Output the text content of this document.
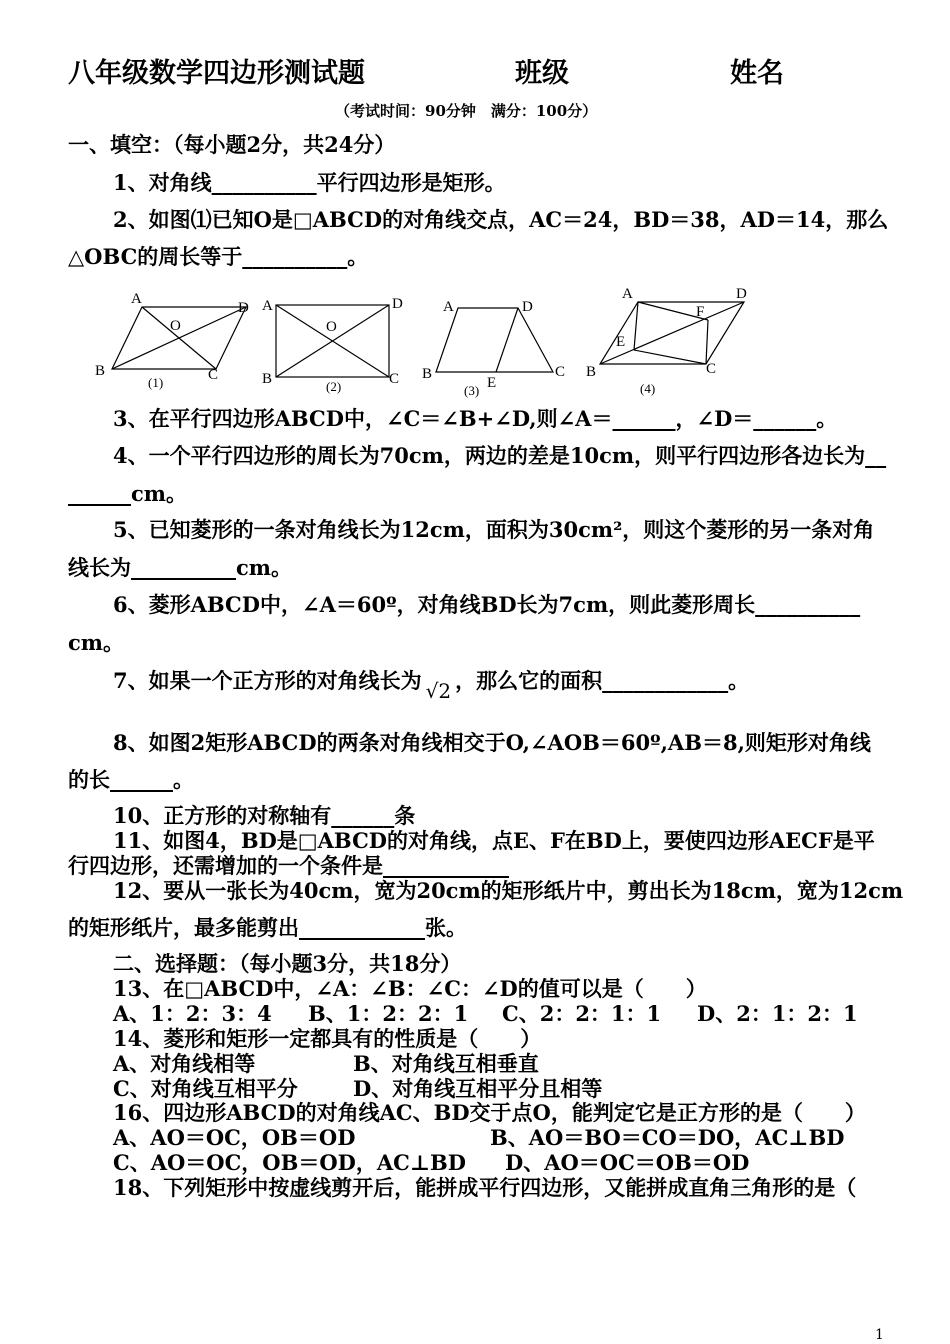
八年级数学四边形测试题	班级	姓名
（考试时间：90分钟　满分：100分）
一、填空：（每小题2分，共24分）
1、对角线__________平行四边形是矩形。
2、如图⑴已知O是□ABCD的对角线交点，AC＝24，BD＝38，AD＝14，那么
△OBC的周长等于__________。
A
D
B	C
O
(1)
A	D
B	C
O
(2)
A	D
B	C
E
(3)
A	D
B	C
E
F
(4)
3、在平行四边形ABCD中，∠C＝∠B+∠D,则∠A＝______，∠D＝______。
4、一个平行四边形的周长为70cm，两边的差是10cm，则平行四边形各边长为__
______cm。
5、已知菱形的一条对角线长为12cm，面积为30cm²，则这个菱形的另一条对角
线长为__________cm。
6、菱形ABCD中，∠A＝60º，对角线BD长为7cm，则此菱形周长__________
cm。
7、如果一个正方形的对角线长为 √2 ，那么它的面积____________。
8、如图2矩形ABCD的两条对角线相交于O,∠AOB＝60º,AB＝8,则矩形对角线
的长______。
10、正方形的对称轴有______条
11、如图4，BD是□ABCD的对角线，点E、F在BD上，要使四边形AECF是平
行四边形，还需增加的一个条件是____________
12、要从一张长为40cm，宽为20cm的矩形纸片中，剪出长为18cm，宽为12cm
的矩形纸片，最多能剪出____________张。
二、选择题：（每小题3分，共18分）
13、在□ABCD中，∠A：∠B：∠C：∠D的值可以是（　　）
A、1：2：3：4 B、1：2：2：1 C、2：2：1：1 D、2：1：2：1
14、菱形和矩形一定都具有的性质是（　　）
A、对角线相等	B、对角线互相垂直
C、对角线互相平分	D、对角线互相平分且相等
16、四边形ABCD的对角线AC、BD交于点O，能判定它是正方形的是（　　）
A、AO＝OC，OB＝OD	B、AO＝BO＝CO＝DO，AC⊥BD
C、AO＝OC，OB＝OD，AC⊥BD D、AO＝OC＝OB＝OD
18、下列矩形中按虚线剪开后，能拼成平行四边形，又能拼成直角三角形的是（
1
